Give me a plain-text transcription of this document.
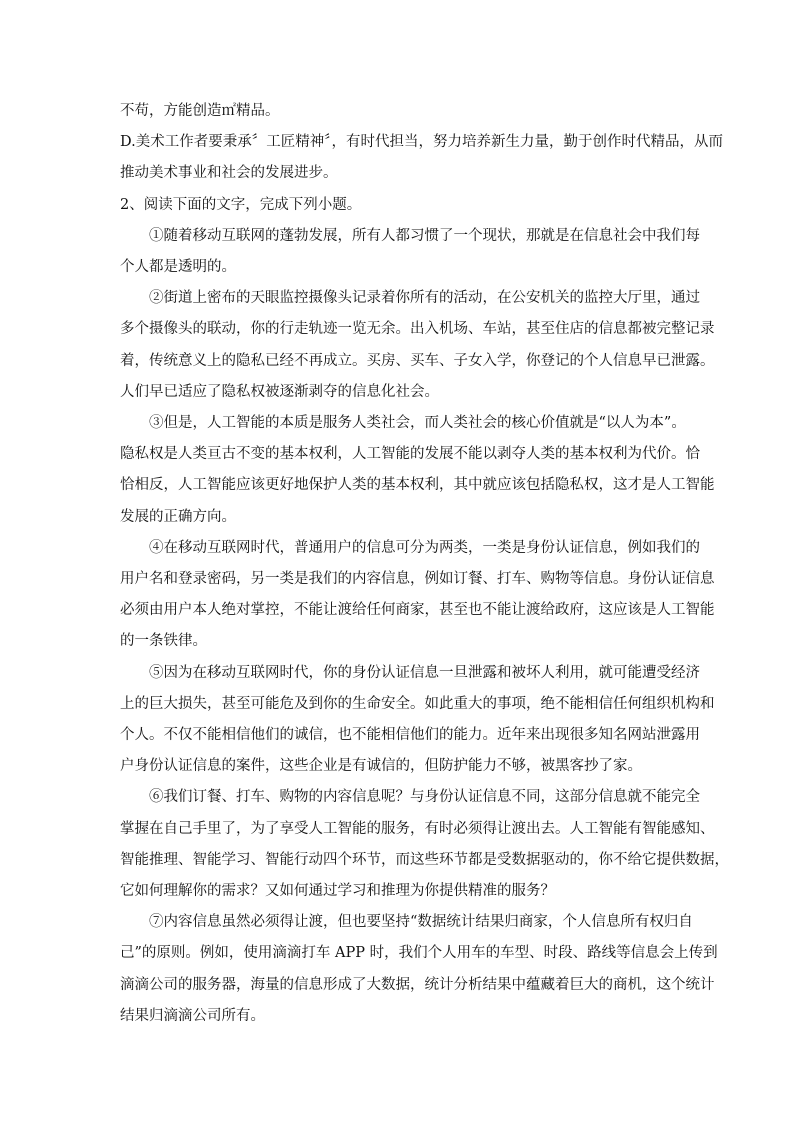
不苟，方能创造㎡精品。

D.美术工作者要秉承〞工匠精神〞，有时代担当，努力培养新生力量，勤于创作时代精品，从而

推动美术事业和社会的发展进步。

2、阅读下面的文字，完成下列小题。

①随着移动互联网的蓬勃发展，所有人都习惯了一个现状，那就是在信息社会中我们每

个人都是透明的。

②街道上密布的天眼监控摄像头记录着你所有的活动，在公安机关的监控大厅里，通过

多个摄像头的联动，你的行走轨迹一览无余。出入机场、车站，甚至住店的信息都被完整记录

着，传统意义上的隐私已经不再成立。买房、买车、子女入学，你登记的个人信息早已泄露。

人们早已适应了隐私权被逐渐剥夺的信息化社会。

③但是，人工智能的本质是服务人类社会，而人类社会的核心价值就是“以人为本”。

隐私权是人类亘古不变的基本权利，人工智能的发展不能以剥夺人类的基本权利为代价。恰

恰相反，人工智能应该更好地保护人类的基本权利，其中就应该包括隐私权，这才是人工智能

发展的正确方向。

④在移动互联网时代，普通用户的信息可分为两类，一类是身份认证信息，例如我们的

用户名和登录密码，另一类是我们的内容信息，例如订餐、打车、购物等信息。身份认证信息

必须由用户本人绝对掌控，不能让渡给任何商家，甚至也不能让渡给政府，这应该是人工智能

的一条铁律。

⑤因为在移动互联网时代，你的身份认证信息一旦泄露和被坏人利用，就可能遭受经济

上的巨大损失，甚至可能危及到你的生命安全。如此重大的事项，绝不能相信任何组织机构和

个人。不仅不能相信他们的诚信，也不能相信他们的能力。近年来出现很多知名网站泄露用

户身份认证信息的案件，这些企业是有诚信的，但防护能力不够，被黑客抄了家。

⑥我们订餐、打车、购物的内容信息呢？与身份认证信息不同，这部分信息就不能完全

掌握在自己手里了，为了享受人工智能的服务，有时必须得让渡出去。人工智能有智能感知、

智能推理、智能学习、智能行动四个环节，而这些环节都是受数据驱动的，你不给它提供数据，

它如何理解你的需求？又如何通过学习和推理为你提供精准的服务？

⑦内容信息虽然必须得让渡，但也要坚持“数据统计结果归商家，个人信息所有权归自

己”的原则。例如，使用滴滴打车 APP 时，我们个人用车的车型、时段、路线等信息会上传到

滴滴公司的服务器，海量的信息形成了大数据，统计分析结果中蕴藏着巨大的商机，这个统计

结果归滴滴公司所有。
